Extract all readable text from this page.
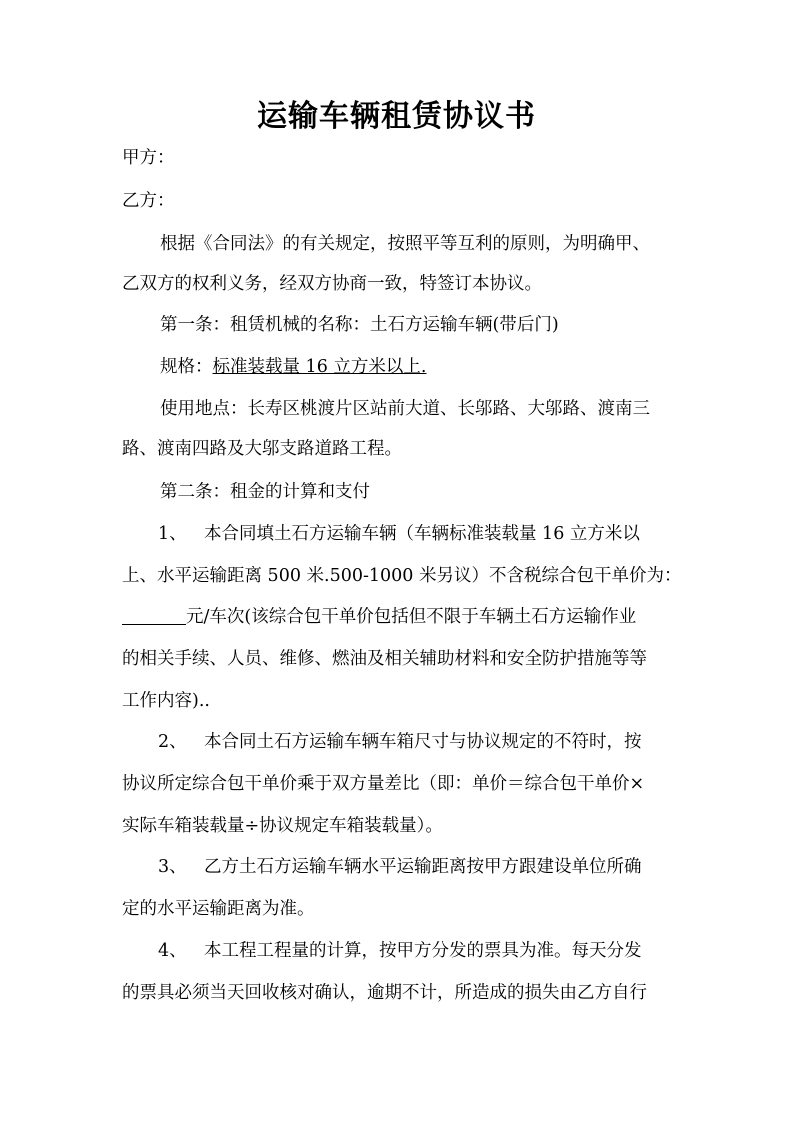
运输车辆租赁协议书
甲方：
乙方：
根据《合同法》的有关规定，按照平等互利的原则，为明确甲、
乙双方的权利义务，经双方协商一致，特签订本协议。
第一条：租赁机械的名称：土石方运输车辆(带后门)
规格：标准装载量 16 立方米以上.
使用地点：长寿区桃渡片区站前大道、长邬路、大邬路、渡南三
路、渡南四路及大邬支路道路工程。
第二条：租金的计算和支付
1、 本合同填土石方运输车辆（车辆标准装载量 16 立方米以
上、水平运输距离 500 米.500-1000 米另议）不含税综合包干单价为：
元/车次(该综合包干单价包括但不限于车辆土石方运输作业
的相关手续、人员、维修、燃油及相关辅助材料和安全防护措施等等
工作内容)..
2、 本合同土石方运输车辆车箱尺寸与协议规定的不符时，按
协议所定综合包干单价乘于双方量差比（即：单价＝综合包干单价×
实际车箱装载量÷协议规定车箱装载量）。
3、 乙方土石方运输车辆水平运输距离按甲方跟建设单位所确
定的水平运输距离为准。
4、 本工程工程量的计算，按甲方分发的票具为准。每天分发
的票具必须当天回收核对确认，逾期不计，所造成的损失由乙方自行
